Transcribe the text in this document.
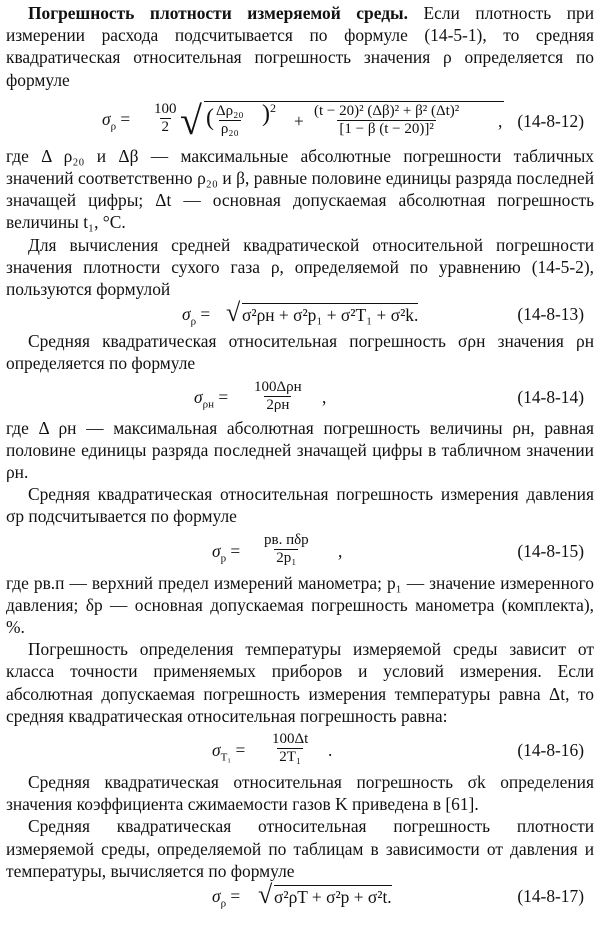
Погрешность плотности измеряемой среды. Если плотность при измерении расхода подсчитывается по формуле (14-5-1), то средняя квадратическая относительная погрешность значения ρ определяется по формуле

$\sigma_\rho = \frac{100}{2}$ √ ( $\frac{\text{Δρ₂₀}}{\text{ρ₂₀}} )^2$
+ $\frac{\text{(t − 20)² (Δβ)² + β² (Δt)²}}{\text{[1 − β (t − 20)]²}}$ , (14-8-12)

где Δ ρ₂₀ и Δβ — максимальные абсолютные погрешности табличных значений соответственно ρ₂₀ и β, равные половине единицы разряда последней значащей цифры; Δt — основная допускаемая абсолютная погрешность величины t₁, °C.

Для вычисления средней квадратической относительной погрешности значения плотности сухого газа ρ, определяемой по уравнению (14-5-2), пользуются формулой

$\sigma_\rho$ = √ σ²ρн + σ²p₁ + σ²T₁ + σ²k.	(14-8-13)

Средняя квадратическая относительная погрешность σρн значения ρн определяется по формуле

$\sigma_{\rho н} = 100\Delta\rho н$
2ρн ,	(14-8-14)

где Δ ρн — максимальная абсолютная погрешность величины ρн, равная половине единицы разряда последней значащей цифры в табличном значении ρн.

Средняя квадратическая относительная погрешность измерения давления σp подсчитывается по формуле

$\sigma_p$ =
pв. пδp
2p₁ ,	(14-8-15)

где pв.п — верхний предел измерений манометра; p₁ — значение измеренного давления; δp — основная допускаемая погрешность манометра (комплекта), %.

Погрешность определения температуры измеряемой среды зависит от класса точности применяемых приборов и условий измерения. Если абсолютная допускаемая погрешность измерения температуры равна Δt, то средняя квадратическая относительная погрешность равна:

$\sigma_{T_1} = \frac{100\Delta t}{\text{2T₁}}$ .	(14-8-16)

Средняя квадратическая относительная погрешность σk определения значения коэффициента сжимаемости газов K приведена в [61].

Средняя квадратическая относительная погрешность плотности измеряемой среды, определяемой по таблицам в зависимости от давления и температуры, вычисляется по формуле

$\sigma_\rho$ = √ σ²ρT + σ²p + σ²t.	(14-8-17)
